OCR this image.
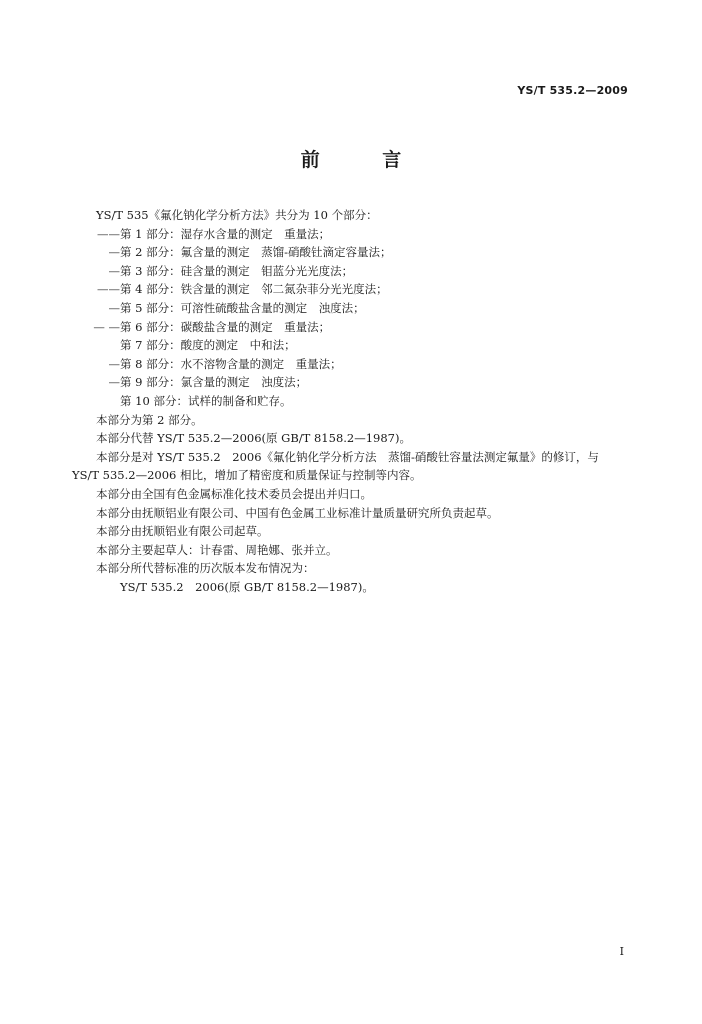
YS/T 535.2—2009
前 言
YS/T 535《氟化钠化学分析方法》共分为 10 个部分：
——第 1 部分：湿存水含量的测定　重量法；
—第 2 部分：氟含量的测定　蒸馏-硝酸钍滴定容量法；
—第 3 部分：硅含量的测定　钼蓝分光光度法；
——第 4 部分：铁含量的测定　邻二氮杂菲分光光度法；
—第 5 部分：可溶性硫酸盐含量的测定　浊度法；
— —第 6 部分：碳酸盐含量的测定　重量法；
第 7 部分：酸度的测定　中和法；
—第 8 部分：水不溶物含量的测定　重量法；
—第 9 部分：氯含量的测定　浊度法；
第 10 部分：试样的制备和贮存。
本部分为第 2 部分。
本部分代替 YS/T 535.2—2006(原 GB/T 8158.2—1987)。
本部分是对 YS/T 535.2　2006《氟化钠化学分析方法　蒸馏-硝酸钍容量法测定氟量》的修订，与
YS/T 535.2—2006 相比，增加了精密度和质量保证与控制等内容。
本部分由全国有色金属标准化技术委员会提出并归口。
本部分由抚顺铝业有限公司、中国有色金属工业标准计量质量研究所负责起草。
本部分由抚顺铝业有限公司起草。
本部分主要起草人：计春雷、周艳娜、张并立。
本部分所代替标准的历次版本发布情况为：
YS/T 535.2　2006(原 GB/T 8158.2—1987)。
I
